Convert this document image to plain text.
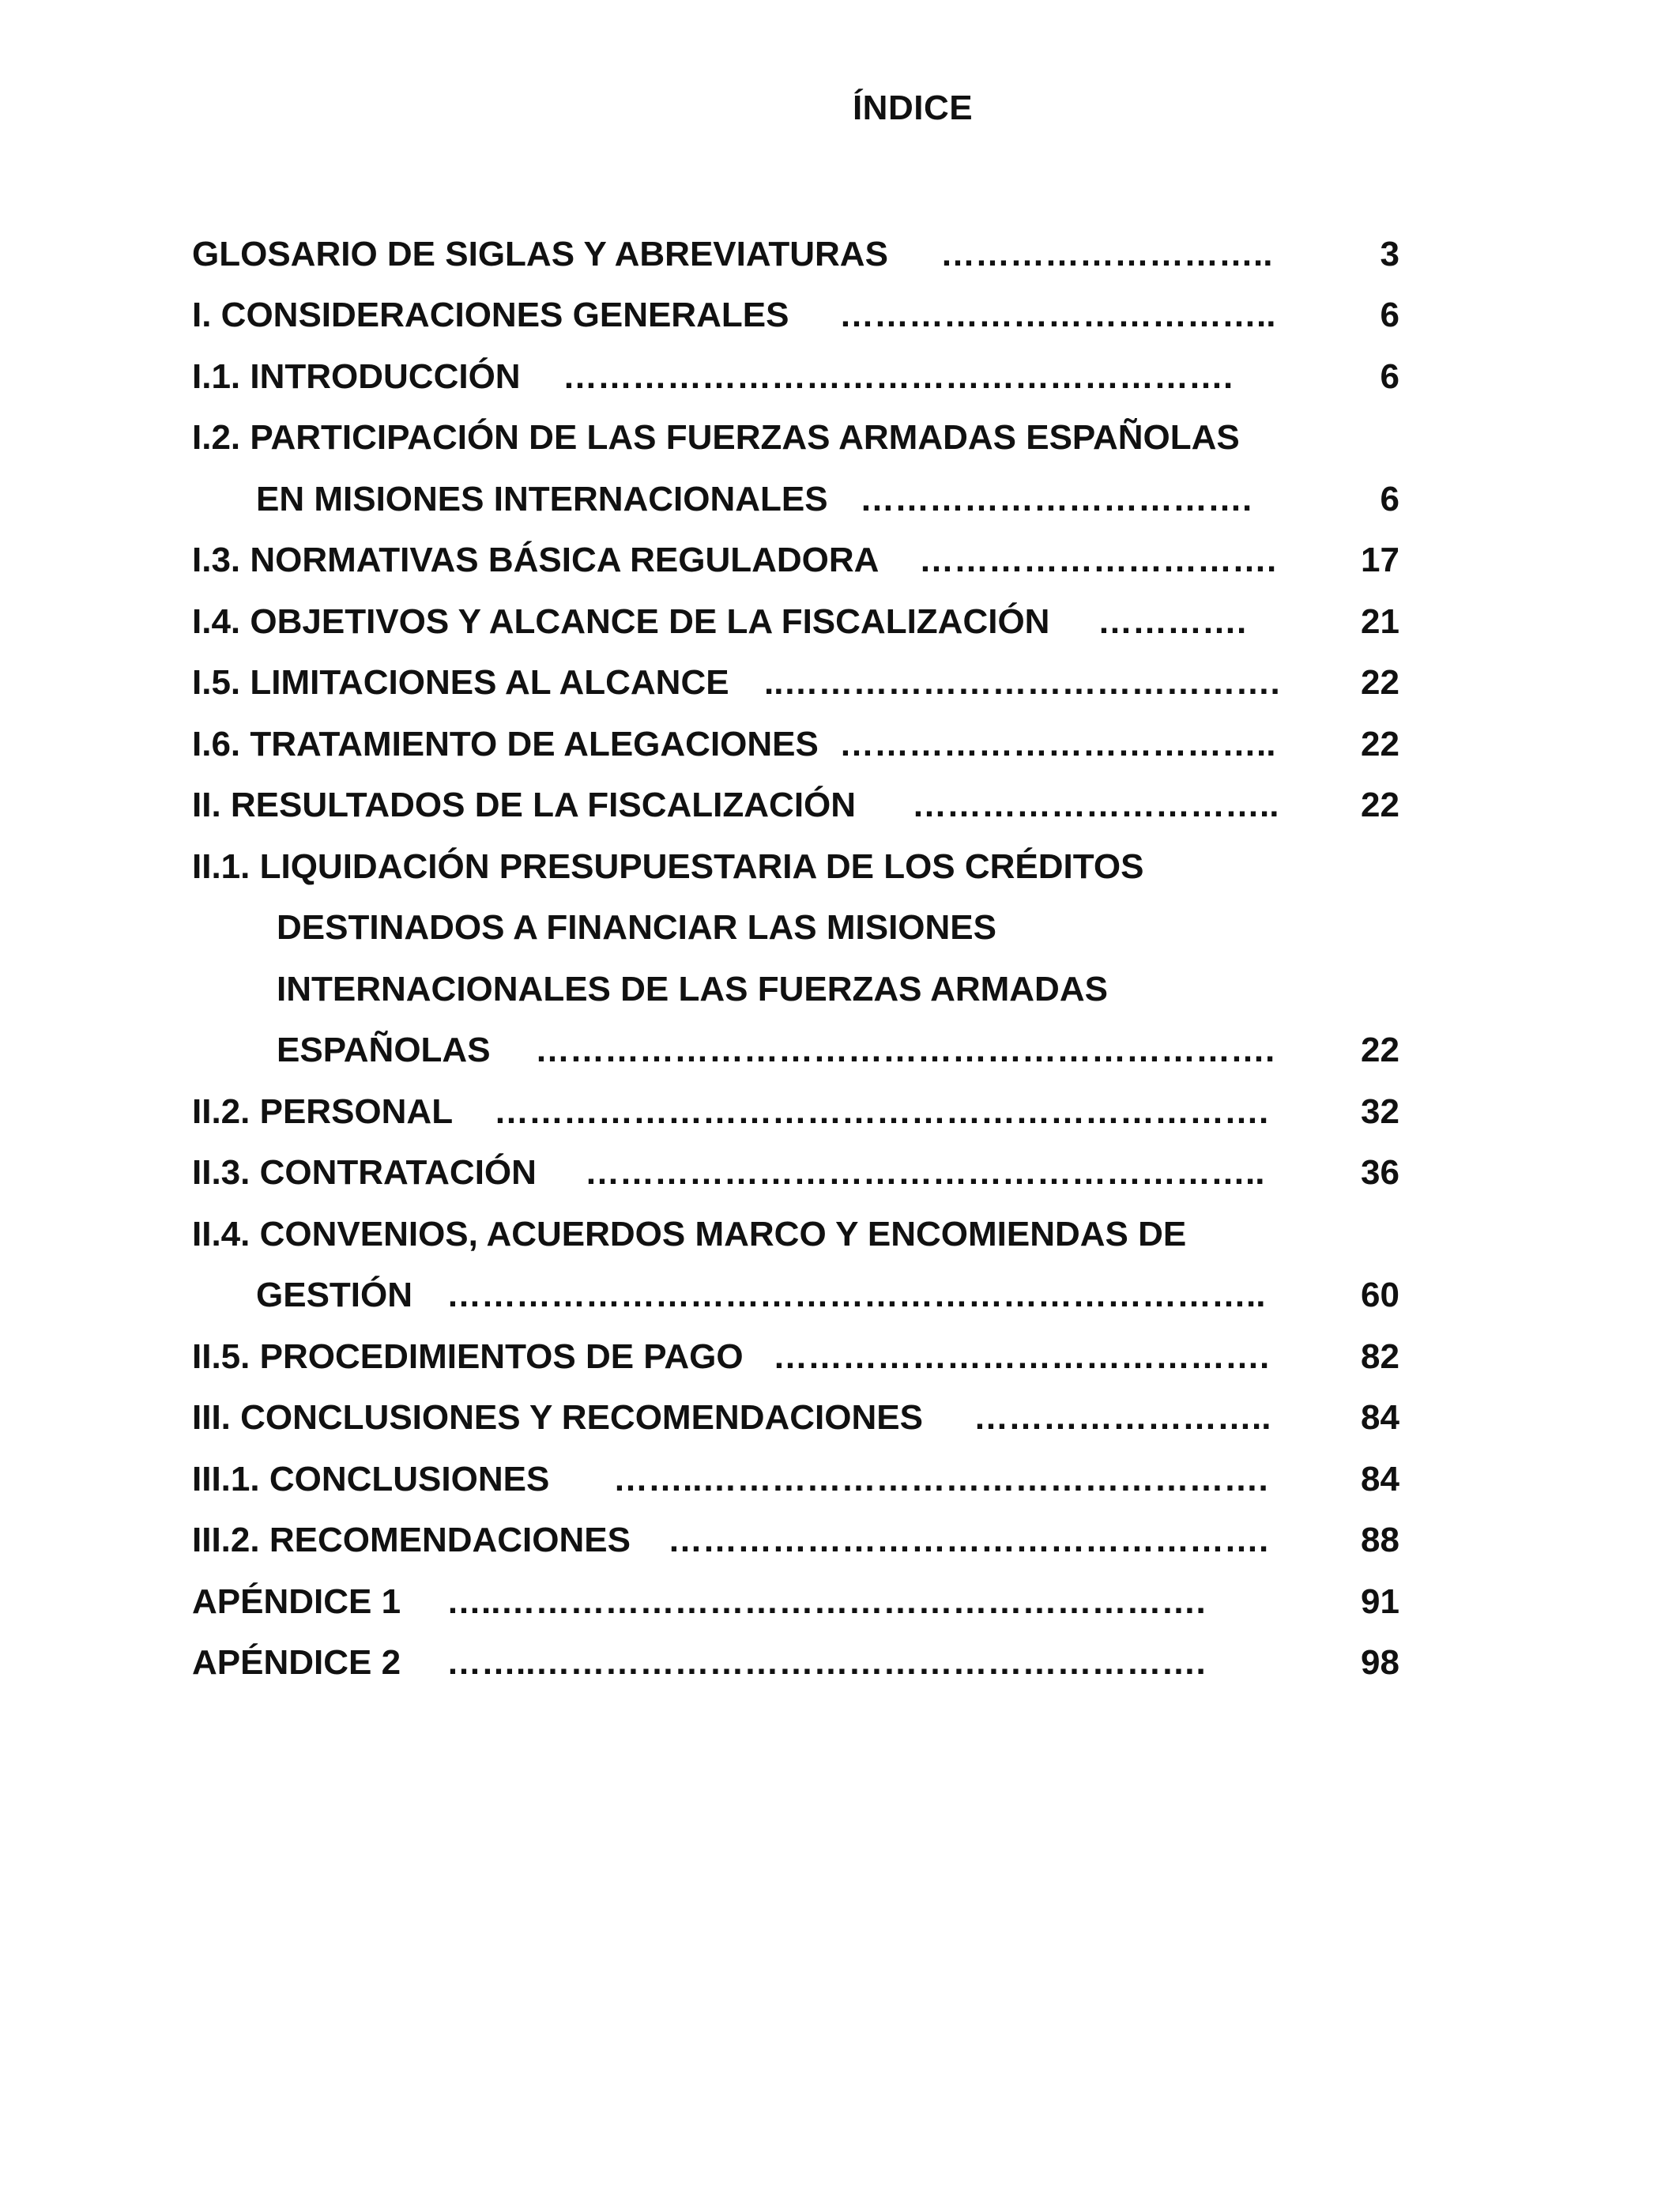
ÍNDICE
GLOSARIO DE SIGLAS Y ABREVIATURAS ………………………..	3
I. CONSIDERACIONES GENERALES ………………………………..	6
I.1. INTRODUCCIÓN ………………………………………………….	6
I.2. PARTICIPACIÓN DE LAS FUERZAS ARMADAS ESPAÑOLAS
EN MISIONES INTERNACIONALES …………………………….	6
I.3. NORMATIVAS BÁSICA REGULADORA …………………………. 17
I.4. OBJETIVOS Y ALCANCE DE LA FISCALIZACIÓN ………….	21
I.5. LIMITACIONES AL ALCANCE ..……………………………………. 22
I.6. TRATAMIENTO DE ALEGACIONES ……………………………….. 22
II. RESULTADOS DE LA FISCALIZACIÓN ………………………….. 22
II.1. LIQUIDACIÓN PRESUPUESTARIA DE LOS CRÉDITOS
DESTINADOS A FINANCIAR LAS MISIONES
INTERNACIONALES DE LAS FUERZAS ARMADAS
ESPAÑOLAS ………………………………………………………. 22
II.2. PERSONAL ………………………………………………………….	32
II.3. CONTRATACIÓN …………………………………………………..	36
II.4. CONVENIOS, ACUERDOS MARCO Y ENCOMIENDAS DE
GESTIÓN ……………………………………………………………..	60
II.5. PROCEDIMIENTOS DE PAGO …………………………………….	82
III. CONCLUSIONES Y RECOMENDACIONES ……………………..	84
III.1. CONCLUSIONES ……..………………………………………….	84
III.2. RECOMENDACIONES …………………………………………….	88
APÉNDICE 1 …..…………………………………………………….	91
APÉNDICE 2 ……..………………………………………………….	98
